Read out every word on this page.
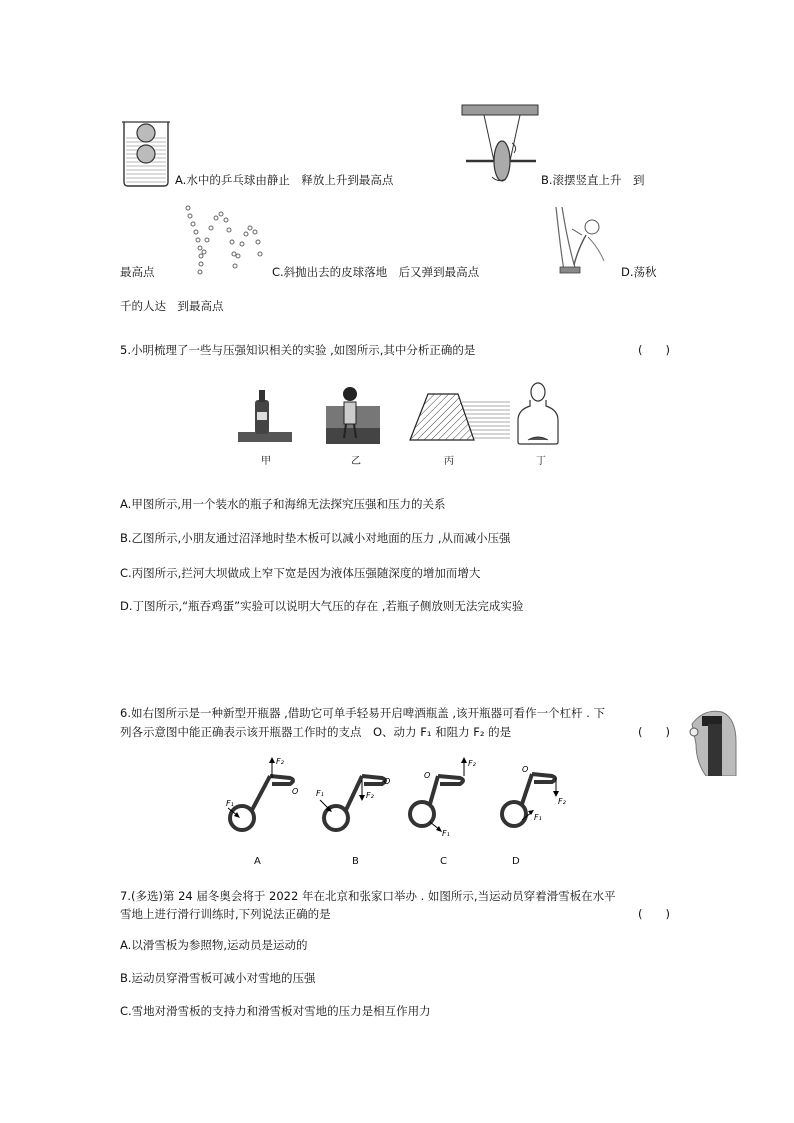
A.水中的乒乓球由静止　释放上升到最高点	B.滚摆竖直上升　到
最高点	C.斜抛出去的皮球落地　后又弹到最高点	D.荡秋
千的人达　到最高点
5.小明梳理了一些与压强知识相关的实验 ,如图所示,其中分析正确的是	(　　)
甲	乙	丙	丁
A.甲图所示,用一个装水的瓶子和海绵无法探究压强和压力的关系
B.乙图所示,小朋友通过沼泽地时垫木板可以减小对地面的压力 ,从而减小压强
C.丙图所示,拦河大坝做成上窄下宽是因为液体压强随深度的增加而增大
D.丁图所示,“瓶吞鸡蛋”实验可以说明大气压的存在 ,若瓶子侧放则无法完成实验
6.如右图所示是一种新型开瓶器 ,借助它可单手轻易开启啤酒瓶盖 ,该开瓶器可看作一个杠杆 . 下
列各示意图中能正确表示该开瓶器工作时的支点　O、动力 F₁ 和阻力 F₂ 的是	(　　)
F₂
F₁
O
A
F₂
F₁
O
B
F₂
F₁
O
C
F₂
F₁
O
D
7.(多选)第 24 届冬奥会将于 2022 年在北京和张家口举办 . 如图所示,当运动员穿着滑雪板在水平
雪地上进行滑行训练时,下列说法正确的是	(　　)
A.以滑雪板为参照物,运动员是运动的
B.运动员穿滑雪板可减小对雪地的压强
C.雪地对滑雪板的支持力和滑雪板对雪地的压力是相互作用力
